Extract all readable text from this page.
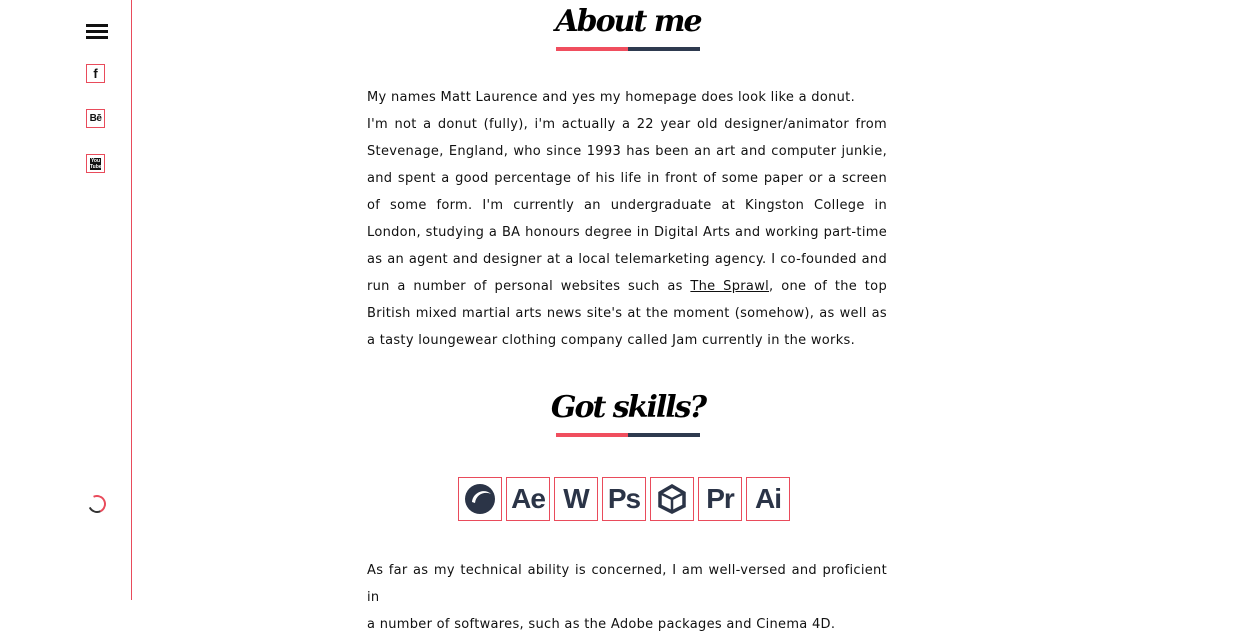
f
Bē
You
Tube
About me

My names Matt Laurence and yes my homepage does look like a donut.

I'm not a donut (fully), i'm actually a 22 year old designer/animator from Stevenage, England, who since 1993 has been an art and computer junkie, and spent a good percentage of his life in front of some paper or a screen of some form. I'm currently an undergraduate at Kingston College in London, studying a BA honours degree in Digital Arts and working part-time as an agent and designer at a local telemarketing agency. I co-founded and run a number of personal websites such as The Sprawl, one of the top British mixed martial arts news site's at the moment (somehow), as well as a tasty loungewear clothing company called Jam currently in the works.

Got skills?
Ae W Ps Pr Ai

As far as my technical ability is concerned, I am well-versed and proficient in

a number of softwares, such as the Adobe packages and Cinema 4D.
